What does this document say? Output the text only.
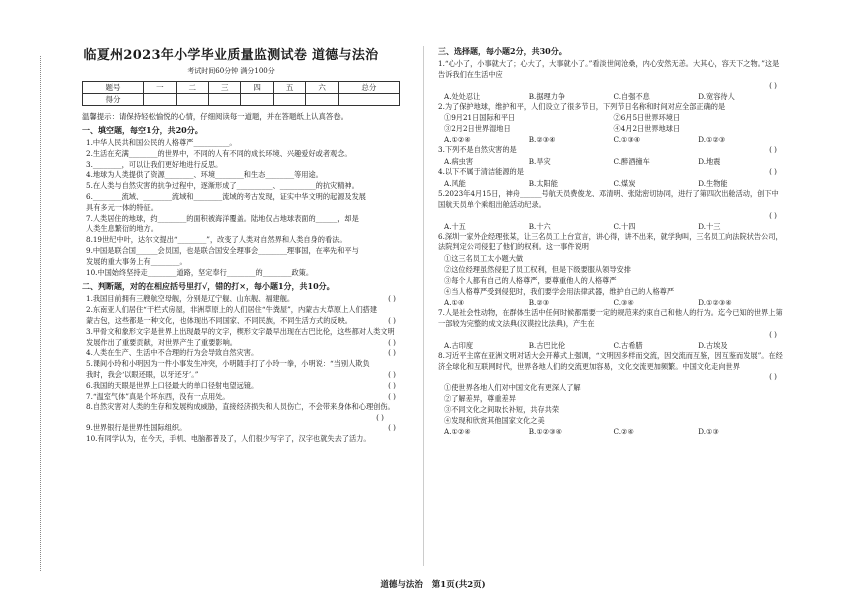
临夏州2023年小学毕业质量监测试卷 道德与法治
考试时间60分钟 满分100分
题号	一	二	三	四	五	六	总分
得分							
温馨提示：请保持轻松愉悦的心情，仔细阅读每一道题，并在答题纸上认真答卷。
一、填空题，每空1分，共20分。
1.中华人民共和国公民的人格尊严__________。
2.生活在充满________的世界中，不同的人有不同的成长环境、兴趣爱好或者观念。
3.________，可以让我们更好地进行反思。
4.地球为人类提供了资源________、环境________和生态________等用途。
5.在人类与自然灾害的抗争过程中，逐渐形成了__________、__________的抗灾精神。
6.________流域、________流域和________流域的考古发现，证实中华文明的起源及发展
具有多元一体的特征。
7.人类居住的地球，约________的面积被海洋覆盖。陆地仅占地球表面的______，却是
人类生息繁衍的地方。
8.19世纪中叶，达尔文提出“________”，改变了人类对自然界和人类自身的看法。
9.中国是联合国______会员国，也是联合国安全理事会________理事国，在率先和平与
发展的重大事务上有________。
10.中国始终坚持走________道路，坚定奉行________的________政策。
二、判断题，对的在相应括号里打√，错的打×，每小题1分，共10分。
1.我国目前拥有三艘航空母舰，分别是辽宁舰、山东舰、福建舰。	( )
2.东南亚人们居住“干栏式房屋，非洲草原上的人们居住“牛粪屋”，内蒙古大草原上人们搭建
蒙古包，这些都是一种文化，也体现出不同国家、不同民族，不同生活方式的反映。	( )
3.甲骨文和象形文字是世界上出现最早的文字，楔形文字最早出现在古巴比伦，这些都对人类文明
发展作出了重要贡献，对世界产生了重要影响。	( )
4.人类在生产、生活中不合理的行为会导致自然灾害。	( )
5.课间小玲和小明因为一件小事发生冲突，小明随手打了小玲一拳，小明说：“当别人欺负
我时，我会‘以眼还眼，以牙还牙’。”	( )
6.我国的天眼是世界上口径最大的单口径射电望远镜。	( )
7.“温室气体”真是个坏东西，没有一点用处。	( )
8.自然灾害对人类的生存和发展构成威胁，直接经济损失和人员伤亡，不会带来身体和心理创伤。
( )
9.世界银行是世界性国际组织。	( )
10.有同学认为，在今天，手机、电脑都普及了，人们很少写字了，汉字也就失去了活力。
三、选择题，每小题2分，共30分。
1.“心小了，小事就大了；心大了，大事就小了。”看淡世间沧桑，内心安然无恙。大其心，容天下之物。”这是告诉我们在生活中应
( )
A.处处忍让	B.据理力争	C.自强不息	D.宽容待人
2.为了保护地球，维护和平，人们设立了很多节日，下列节日名称和时间对应全部正确的是
①9月21日国际和平日	②6月5日世界环境日
③2月2日世界湿地日	④4月2日世界地球日
A.①②④	B.②③④	C.①③④	D.①②③
3.下列不是自然灾害的是	( )
A.病虫害	B.旱灾	C.醉酒撞车	D.地震
4.以下不属于清洁能源的是	( )
A.风能	B.太阳能	C.煤炭	D.生物能
5.2023年4月15日，神舟______号航天员费俊龙、邓清明、张陆密切协同，进行了第四次出舱活动，创下中国航天员单个乘组出舱活动纪录。
( )
A.十五	B.十六	C.十四	D.十三
6.深圳一家外企经理张某，让三名员工上台宣言，讲心得，讲不出来，就学狗叫，三名员工向法院状告公司，法院判定公司侵犯了他们的权利。这一事件说明
①这三名员工太小题大做
②这位经理虽然侵犯了员工权利，但是下级要服从领导安排
③每个人都有自己的人格尊严，要尊重他人的人格尊严
④当人格尊严受到侵犯时，我们要学会用法律武器，维护自己的人格尊严
A.①④	B.②③	C.③④	D.①②③④
7.人是社会性动物，在群体生活中任何时候都需要一定的规范来约束自己和他人的行为。迄今已知的世界上第一部较为完整的成文法典(汉谟拉比法典)，产生在
( )
A.古印度	B.古巴比伦	C.古希腊	D.古埃及
8.习近平主席在亚洲文明对话大会开幕式上强调，“文明因多样而交流，因交流而互鉴，因互鉴而发展”。在经济全球化和互联网时代，世界各地人们的交流更加容易，文化交流更加频繁。中国文化走向世界
( )
①使世界各地人们对中国文化有更深人了解
②了解差异，尊重差异
③不同文化之间取长补短，共存共荣
④发现和欣赏其他国家文化之美
A.①②④	B.①②③④	C.②④	D.①③
道德与法治 第1页(共2页)
